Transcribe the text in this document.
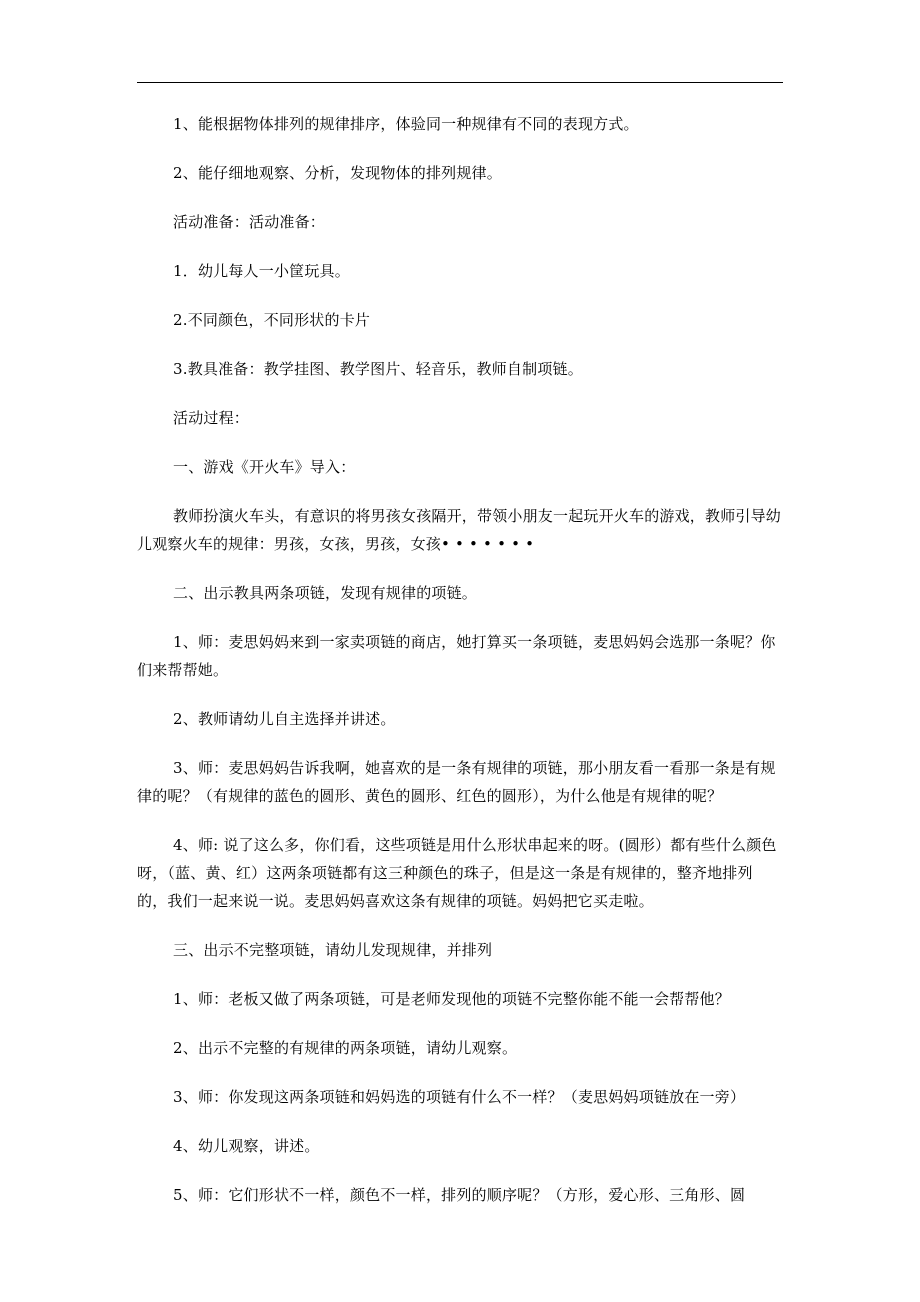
1、能根据物体排列的规律排序，体验同一种规律有不同的表现方式。

2、能仔细地观察、分析，发现物体的排列规律。

活动准备：活动准备：

1．幼儿每人一小筐玩具。

2.不同颜色，不同形状的卡片

3.教具准备：教学挂图、教学图片、轻音乐，教师自制项链。

活动过程：

一、游戏《开火车》导入：

教师扮演火车头，有意识的将男孩女孩隔开，带领小朋友一起玩开火车的游戏，教师引导幼儿观察火车的规律：男孩，女孩，男孩，女孩• • • • • • •

二、出示教具两条项链，发现有规律的项链。

1、师：麦思妈妈来到一家卖项链的商店，她打算买一条项链，麦思妈妈会选那一条呢？你们来帮帮她。

2、教师请幼儿自主选择并讲述。

3、师：麦思妈妈告诉我啊，她喜欢的是一条有规律的项链，那小朋友看一看那一条是有规律的呢？（有规律的蓝色的圆形、黄色的圆形、红色的圆形），为什么他是有规律的呢？

4、师: 说了这么多，你们看，这些项链是用什么形状串起来的呀。(圆形）都有些什么颜色呀，（蓝、黄、红）这两条项链都有这三种颜色的珠子，但是这一条是有规律的，整齐地排列的，我们一起来说一说。麦思妈妈喜欢这条有规律的项链。妈妈把它买走啦。

三、出示不完整项链，请幼儿发现规律，并排列

1、师：老板又做了两条项链，可是老师发现他的项链不完整你能不能一会帮帮他？

2、出示不完整的有规律的两条项链，请幼儿观察。

3、师：你发现这两条项链和妈妈选的项链有什么不一样？（麦思妈妈项链放在一旁）

4、幼儿观察，讲述。

5、师：它们形状不一样，颜色不一样，排列的顺序呢？（方形，爱心形、三角形、圆
